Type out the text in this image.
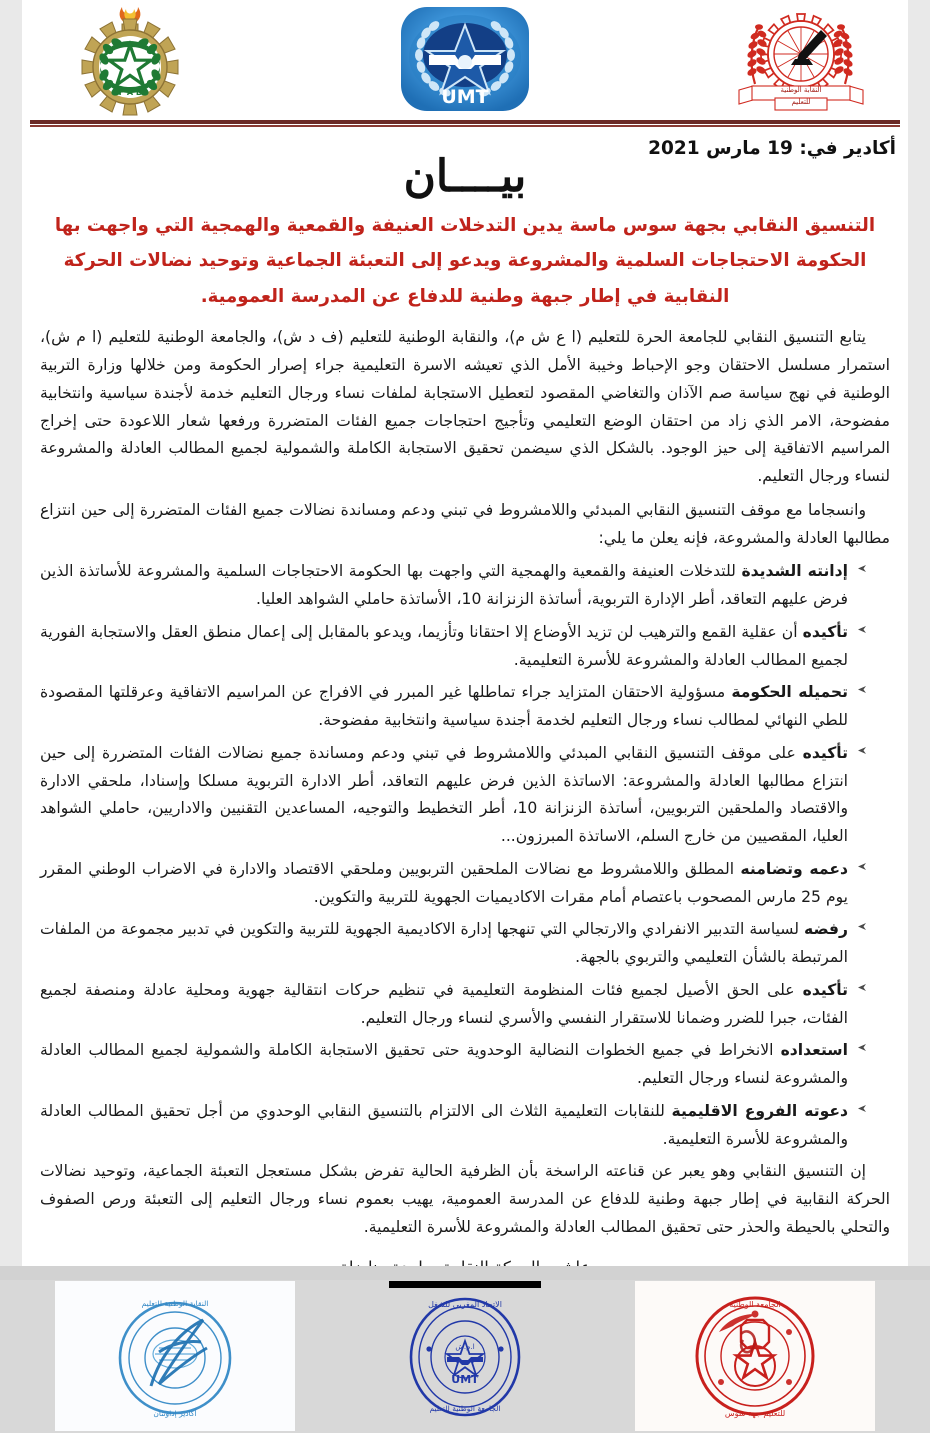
النقابة الوطنية
للتعليم
UMT
F A E
أكادير في: 19 مارس 2021
بيــــان
التنسيق النقابي بجهة سوس ماسة يدين التدخلات العنيفة والقمعية والهمجية التي واجهت بها الحكومة الاحتجاجات السلمية والمشروعة ويدعو إلى التعبئة الجماعية وتوحيد نضالات الحركة النقابية في إطار جبهة وطنية للدفاع عن المدرسة العمومية.

يتابع التنسيق النقابي للجامعة الحرة للتعليم (ا ع ش م)، والنقابة الوطنية للتعليم (ف د ش)، والجامعة الوطنية للتعليم (ا م ش)، استمرار مسلسل الاحتقان وجو الإحباط وخيبة الأمل الذي تعيشه الاسرة التعليمية جراء إصرار الحكومة ومن خلالها وزارة التربية الوطنية في نهج سياسة صم الآذان والتغاضي المقصود لتعطيل الاستجابة لملفات نساء ورجال التعليم خدمة لأجندة سياسية وانتخابية مفضوحة، الامر الذي زاد من احتقان الوضع التعليمي وتأجيج احتجاجات جميع الفئات المتضررة ورفعها شعار اللاعودة حتى إخراج المراسيم الاتفاقية إلى حيز الوجود. بالشكل الذي سيضمن تحقيق الاستجابة الكاملة والشمولية لجميع المطالب العادلة والمشروعة لنساء ورجال التعليم.

وانسجاما مع موقف التنسيق النقابي المبدئي واللامشروط في تبني ودعم ومساندة نضالات جميع الفئات المتضررة إلى حين انتزاع مطالبها العادلة والمشروعة، فإنه يعلن ما يلي:

إدانته الشديدة للتدخلات العنيفة والقمعية والهمجية التي واجهت بها الحكومة الاحتجاجات السلمية والمشروعة للأساتذة الذين فرض عليهم التعاقد، أطر الإدارة التربوية، أساتذة الزنزانة 10، الأساتذة حاملي الشواهد العليا.
تأكيده أن عقلية القمع والترهيب لن تزيد الأوضاع إلا احتقانا وتأزيما، ويدعو بالمقابل إلى إعمال منطق العقل والاستجابة الفورية لجميع المطالب العادلة والمشروعة للأسرة التعليمية.
تحميله الحكومة مسؤولية الاحتقان المتزايد جراء تماطلها غير المبرر في الافراج عن المراسيم الاتفاقية وعرقلتها المقصودة للطي النهائي لمطالب نساء ورجال التعليم لخدمة أجندة سياسية وانتخابية مفضوحة.
تأكيده على موقف التنسيق النقابي المبدئي واللامشروط في تبني ودعم ومساندة جميع نضالات الفئات المتضررة إلى حين انتزاع مطالبها العادلة والمشروعة: الاساتذة الذين فرض عليهم التعاقد، أطر الادارة التربوية مسلكا وإسنادا، ملحقي الادارة والاقتصاد والملحقين التربويين، أساتذة الزنزانة 10، أطر التخطيط والتوجيه، المساعدين التقنيين والاداريين، حاملي الشواهد العليا، المقصيين من خارج السلم، الاساتذة المبرزون...
دعمه وتضامنه المطلق واللامشروط مع نضالات الملحقين التربويين وملحقي الاقتصاد والادارة في الاضراب الوطني المقرر يوم 25 مارس المصحوب باعتصام أمام مقرات الاكاديميات الجهوية للتربية والتكوين.
رفضه لسياسة التدبير الانفرادي والارتجالي التي تنهجها إدارة الاكاديمية الجهوية للتربية والتكوين في تدبير مجموعة من الملفات المرتبطة بالشأن التعليمي والتربوي بالجهة.
تأكيده على الحق الأصيل لجميع فئات المنظومة التعليمية في تنظيم حركات انتقالية جهوية ومحلية عادلة ومنصفة لجميع الفئات، جبرا للضرر وضمانا للاستقرار النفسي والأسري لنساء ورجال التعليم.
استعداده الانخراط في جميع الخطوات النضالية الوحدوية حتى تحقيق الاستجابة الكاملة والشمولية لجميع المطالب العادلة والمشروعة لنساء ورجال التعليم.
دعوته الفروع الاقليمية للنقابات التعليمية الثلاث الى الالتزام بالتنسيق النقابي الوحدوي من أجل تحقيق المطالب العادلة والمشروعة للأسرة التعليمية.

إن التنسيق النقابي وهو يعبر عن قناعته الراسخة بأن الظرفية الحالية تفرض بشكل مستعجل التعبئة الجماعية، وتوحيد نضالات الحركة النقابية في إطار جبهة وطنية للدفاع عن المدرسة العمومية، يهيب بعموم نساء ورجال التعليم إلى التعبئة ورص الصفوف والتحلي بالحيطة والحذر حتى تحقيق المطالب العادلة والمشروعة للأسرة التعليمية.

الجامعة الوطنية
للتعليم جهة سوس
UMT
الاتحاد المغربي للشغل
ا.م.ش
الجامعة الوطنية للتعليم
النقابة الوطنية للتعليم
أكادير إداوتنان
